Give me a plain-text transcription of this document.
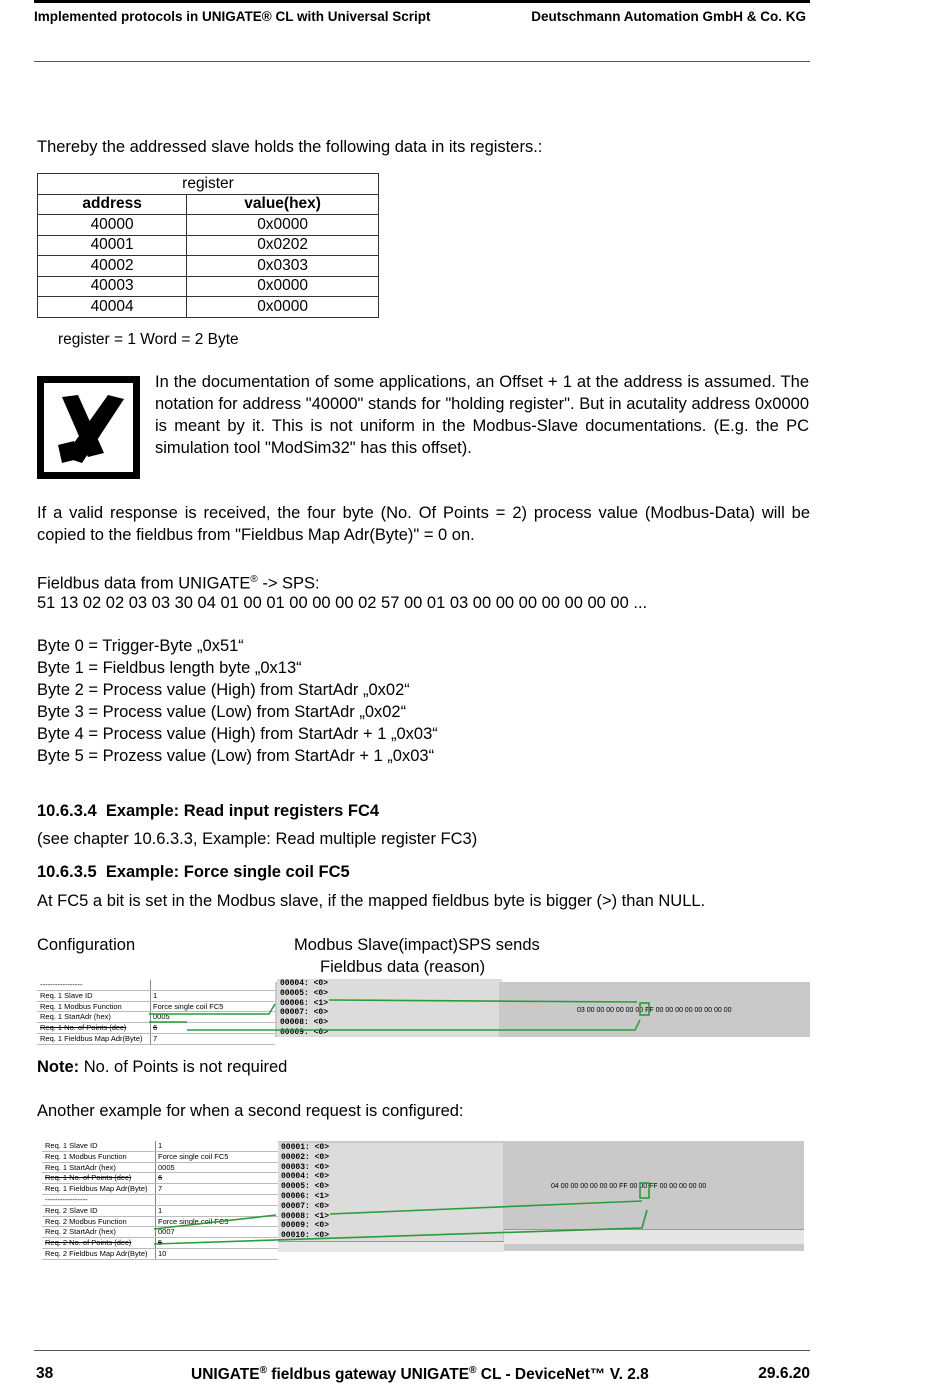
Implemented protocols in UNIGATE® CL with Universal Script	Deutschmann Automation GmbH & Co. KG
Thereby the addressed slave holds the following data in its registers.:
register	
address	value(hex)
40000	0x0000
40001	0x0202
40002	0x0303
40003	0x0000
40004	0x0000
register = 1 Word = 2 Byte
In the documentation of some applications, an Offset + 1 at the address is assumed. The notation for address "40000" stands for "holding register". But in acutality address 0x0000 is meant by it. This is not uniform in the Modbus-Slave documentations. (E.g. the PC simulation tool "ModSim32" has this offset).
If a valid response is received, the four byte (No. Of Points = 2) process value (Modbus-Data) will be copied to the fieldbus from "Fieldbus Map Adr(Byte)" = 0 on.
Fieldbus data from UNIGATE® -> SPS:
51 13 02 02 03 03 30 04 01 00 01 00 00 00 02 57 00 01 03 00 00 00 00 00 00 00 ...
Byte 0 = Trigger-Byte „0x51“
Byte 1 = Fieldbus length byte „0x13“
Byte 2 = Process value (High) from StartAdr „0x02“
Byte 3 = Process value (Low) from StartAdr „0x02“
Byte 4 = Process value (High) from StartAdr + 1 „0x03“
Byte 5 = Prozess value (Low) from StartAdr + 1 „0x03“
10.6.3.4 Example: Read input registers FC4
(see chapter 10.6.3.3, Example: Read multiple register FC3)
10.6.3.5 Example: Force single coil FC5
At FC5 a bit is set in the Modbus slave, if the mapped fieldbus byte is bigger (>) than NULL.
Configuration	Modbus Slave(impact)SPS sends
Fieldbus data (reason)
-----------------
Req. 1 Slave ID	1
Req. 1 Modbus Function	Force single coil FC5
Req. 1 StartAdr (hex)	0005
Req. 1 No. of Points (dec)	6
Req. 1 Fieldbus Map Adr(Byte)	7
00004: <0>
00005: <0>
00006: <1>
00007: <0>
00008: <0>
00009: <0>
03 00 00 00 00 00 00 FF 00 00 00 00 00 00 00 00
Note: No. of Points is not required
Another example for when a second request is configured:
Req. 1 Slave ID	1
Req. 1 Modbus Function	Force single coil FC5
Req. 1 StartAdr (hex)	0005
Req. 1 No. of Points (dec)	6
Req. 1 Fieldbus Map Adr(Byte)	7
-----------------
Req. 2 Slave ID	1
Req. 2 Modbus Function	Force single coil FC5
Req. 2 StartAdr (hex)	0007
Req. 2 No. of Points (dec)	5
Req. 2 Fieldbus Map Adr(Byte)	10
00001: <0>
00002: <0>
00003: <0>
00004: <0>
00005: <0>
00006: <1>
00007: <0>
00008: <1>
00009: <0>
00010: <0>
04 00 00 00 00 00 00 FF 00 00 FF 00 00 00 00 00
38	UNIGATE® fieldbus gateway UNIGATE® CL - DeviceNet™ V. 2.8	29.6.20
